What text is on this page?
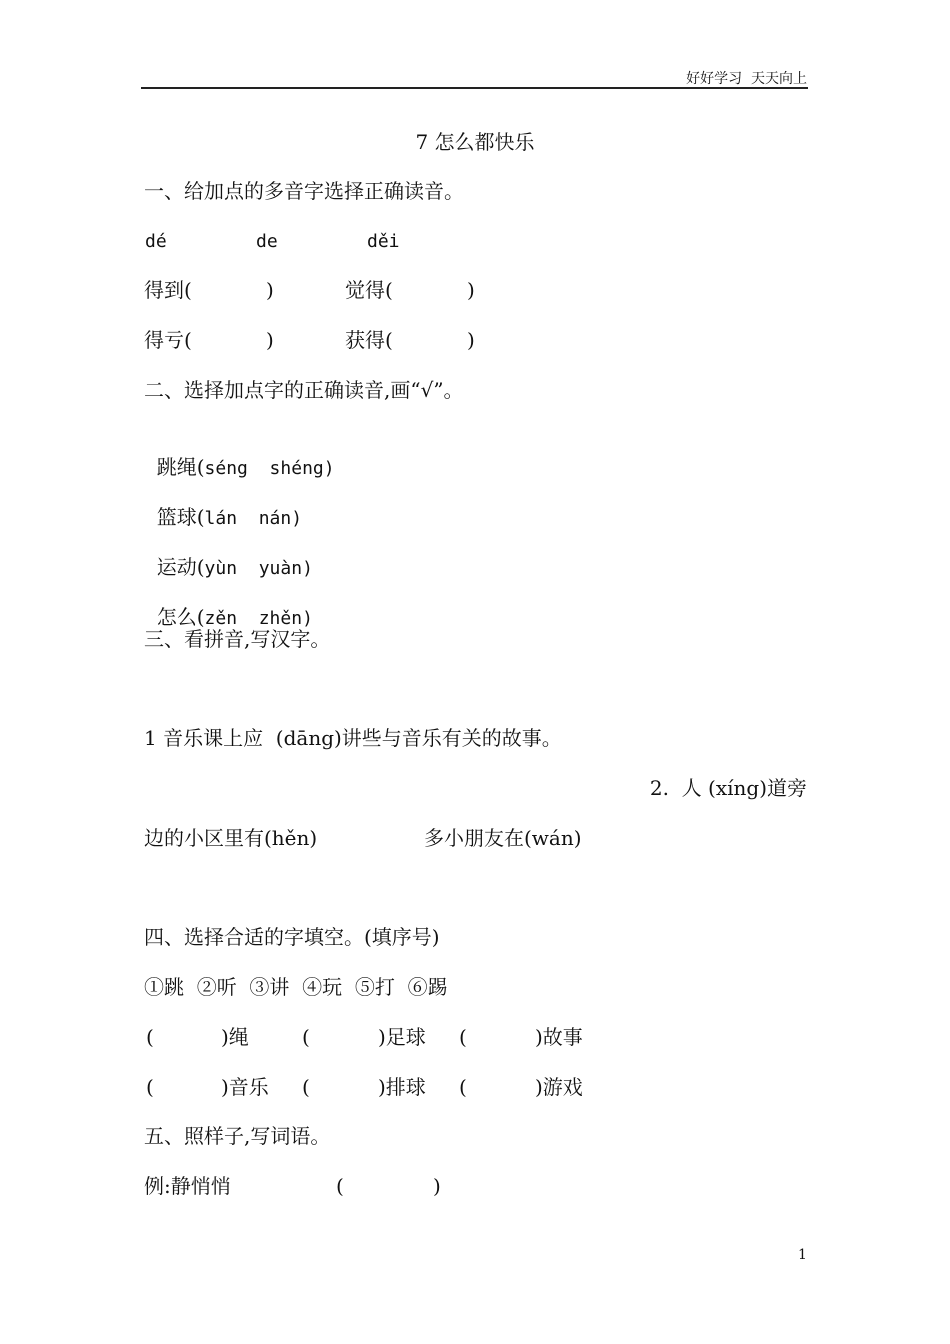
好好学习  天天向上
7 怎么都快乐
一、给加点的多音字选择正确读音。
dé	de	děi
得到(	)	觉得(	)
得亏(	)	获得(	)
二、选择加点字的正确读音,画“√”。

跳绳(séng  shéng)

篮球(lán  nán)

运动(yùn  yuàn)

怎么(zěn  zhěn)

三、看拼音,写汉字。
1 音乐课上应  (dāng)讲些与音乐有关的故事。
2.  人 (xíng)道旁
边的小区里有(hěn)	多小朋友在(wán)
四、选择合适的字填空。(填序号)
①跳  ②听  ③讲  ④玩  ⑤打  ⑥踢
(	)绳	(	)足球 (	)故事
(	)音乐 (	)排球 (	)游戏
五、照样子,写词语。
例:静悄悄	(	)
1
